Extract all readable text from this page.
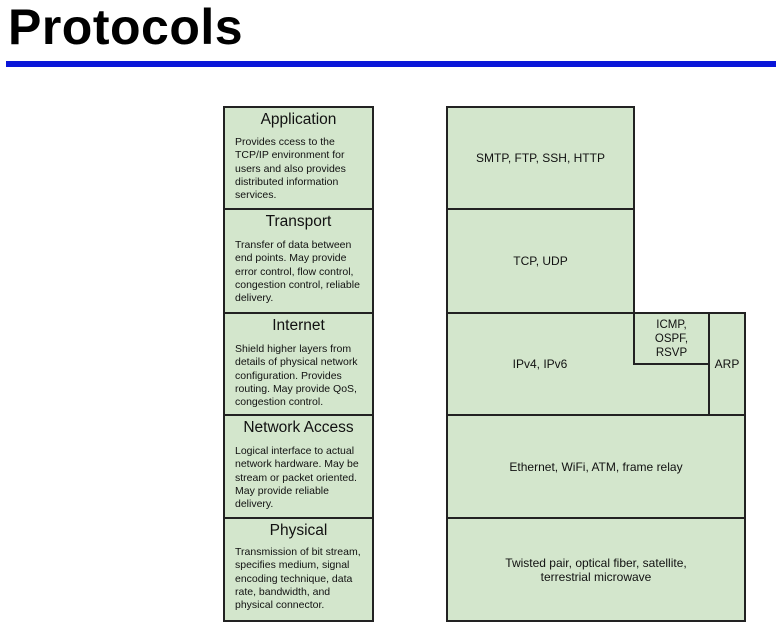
Protocols
Application
Provides ccess to the
TCP/IP environment for
users and also provides
distributed information
services.
Transport
Transfer of data between
end points. May provide
error control, flow control,
congestion control, reliable
delivery.
Internet
Shield higher layers from
details of physical network
configuration. Provides
routing. May provide QoS,
congestion control.
Network Access
Logical interface to actual
network hardware. May be
stream or packet oriented.
May provide reliable
delivery.
Physical
Transmission of bit stream,
specifies medium, signal
encoding technique, data
rate, bandwidth, and
physical connector.
SMTP, FTP, SSH, HTTP
TCP, UDP
IPv4, IPv6
ICMP,
OSPF,
RSVP
ARP
Ethernet, WiFi, ATM, frame relay
Twisted pair, optical fiber, satellite,
terrestrial microwave
